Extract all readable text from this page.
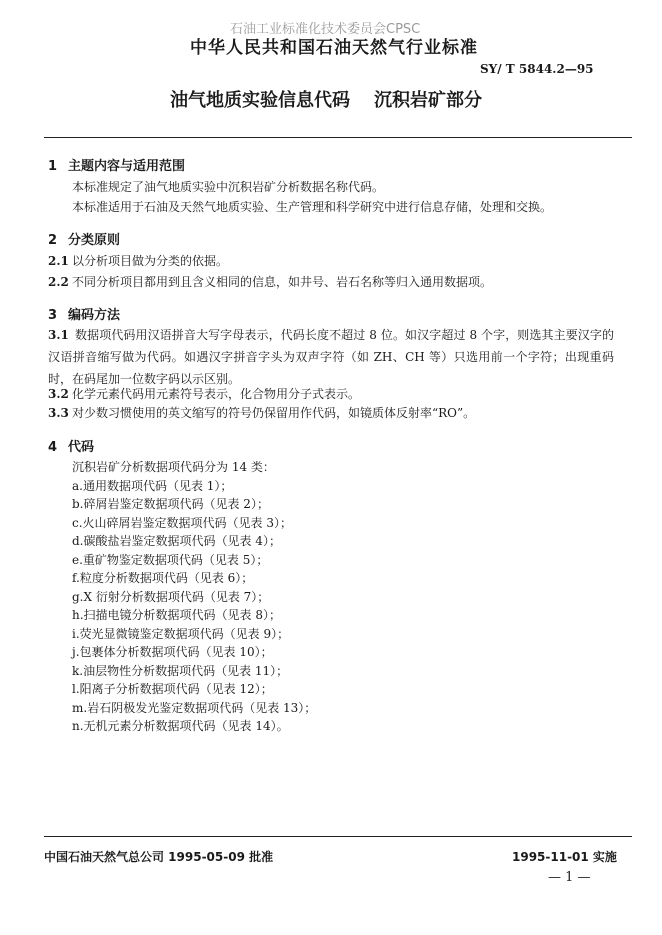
石油工业标准化技术委员会CPSC
中华人民共和国石油天然气行业标准
SY/ T 5844.2—95
油气地质实验信息代码 沉积岩矿部分
1 主题内容与适用范围
本标准规定了油气地质实验中沉积岩矿分析数据名称代码。
本标准适用于石油及天然气地质实验、生产管理和科学研究中进行信息存储，处理和交换。
2 分类原则
2.1 以分析项目做为分类的依据。
2.2 不同分析项目都用到且含义相同的信息，如井号、岩石名称等归入通用数据项。
3 编码方法
3.1 数据项代码用汉语拼音大写字母表示，代码长度不超过 8 位。如汉字超过 8 个字，则选其主要汉字的汉语拼音缩写做为代码。如遇汉字拼音字头为双声字符（如 ZH、CH 等）只选用前一个字符；出现重码时，在码尾加一位数字码以示区别。
3.2 化学元素代码用元素符号表示，化合物用分子式表示。
3.3 对少数习惯使用的英文缩写的符号仍保留用作代码，如镜质体反射率“RO”。
4 代码
沉积岩矿分析数据项代码分为 14 类：
a.通用数据项代码（见表 1）；
b.碎屑岩鉴定数据项代码（见表 2）；
c.火山碎屑岩鉴定数据项代码（见表 3）；
d.碳酸盐岩鉴定数据项代码（见表 4）；
e.重矿物鉴定数据项代码（见表 5）；
f.粒度分析数据项代码（见表 6）；
g.X 衍射分析数据项代码（见表 7）；
h.扫描电镜分析数据项代码（见表 8）；
i.荧光显微镜鉴定数据项代码（见表 9）；
j.包裹体分析数据项代码（见表 10）；
k.油层物性分析数据项代码（见表 11）；
l.阳离子分析数据项代码（见表 12）；
m.岩石阴极发光鉴定数据项代码（见表 13）；
n.无机元素分析数据项代码（见表 14）。
中国石油天然气总公司 1995-05-09 批准	1995-11-01 实施
— 1 —
